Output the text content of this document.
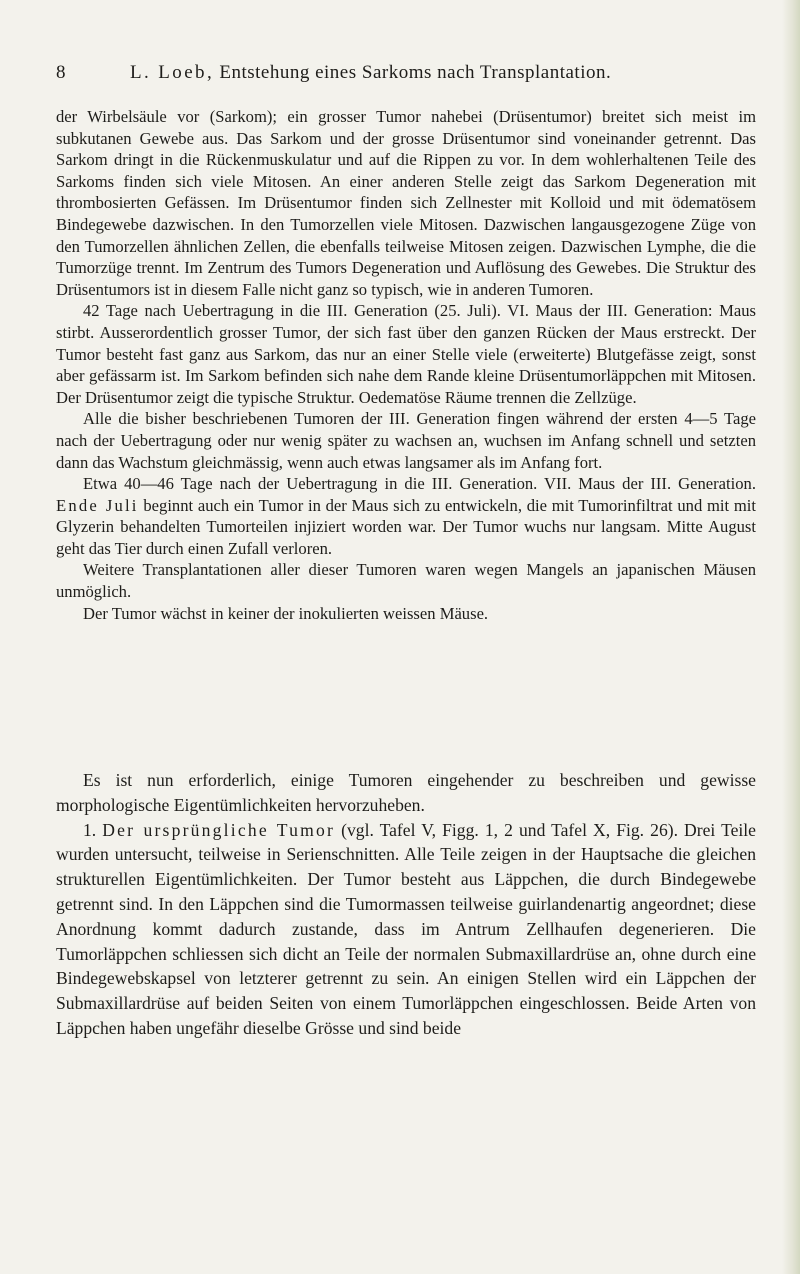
8	L. Loeb, Entstehung eines Sarkoms nach Transplantation.

der Wirbelsäule vor (Sarkom); ein grosser Tumor nahebei (Drüsentumor) breitet sich meist im subkutanen Gewebe aus. Das Sarkom und der grosse Drüsentumor sind voneinander getrennt. Das Sarkom dringt in die Rückenmuskulatur und auf die Rippen zu vor. In dem wohlerhaltenen Teile des Sarkoms finden sich viele Mitosen. An einer anderen Stelle zeigt das Sarkom Degeneration mit thrombosierten Gefässen. Im Drüsentumor finden sich Zellnester mit Kolloid und mit ödematösem Bindegewebe dazwischen. In den Tumorzellen viele Mitosen. Dazwischen langausgezogene Züge von den Tumorzellen ähnlichen Zellen, die ebenfalls teilweise Mitosen zeigen. Dazwischen Lymphe, die die Tumorzüge trennt. Im Zentrum des Tumors Degeneration und Auflösung des Gewebes. Die Struktur des Drüsentumors ist in diesem Falle nicht ganz so typisch, wie in anderen Tumoren.

42 Tage nach Uebertragung in die III. Generation (25. Juli). VI. Maus der III. Generation: Maus stirbt. Ausserordentlich grosser Tumor, der sich fast über den ganzen Rücken der Maus erstreckt. Der Tumor besteht fast ganz aus Sarkom, das nur an einer Stelle viele (erweiterte) Blutgefässe zeigt, sonst aber gefässarm ist. Im Sarkom befinden sich nahe dem Rande kleine Drüsentumorläppchen mit Mitosen. Der Drüsentumor zeigt die typische Struktur. Oedematöse Räume trennen die Zellzüge.

Alle die bisher beschriebenen Tumoren der III. Generation fingen während der ersten 4—5 Tage nach der Uebertragung oder nur wenig später zu wachsen an, wuchsen im Anfang schnell und setzten dann das Wachstum gleichmässig, wenn auch etwas langsamer als im Anfang fort.

Etwa 40—46 Tage nach der Uebertragung in die III. Generation. VII. Maus der III. Generation. Ende Juli beginnt auch ein Tumor in der Maus sich zu entwickeln, die mit Tumorinfiltrat und mit mit Glyzerin behandelten Tumorteilen injiziert worden war. Der Tumor wuchs nur langsam. Mitte August geht das Tier durch einen Zufall verloren.

Weitere Transplantationen aller dieser Tumoren waren wegen Mangels an japanischen Mäusen unmöglich.

Der Tumor wächst in keiner der inokulierten weissen Mäuse.

Es ist nun erforderlich, einige Tumoren eingehender zu beschreiben und gewisse morphologische Eigentümlichkeiten hervorzuheben.

1. Der ursprüngliche Tumor (vgl. Tafel V, Figg. 1, 2 und Tafel X, Fig. 26). Drei Teile wurden untersucht, teilweise in Serienschnitten. Alle Teile zeigen in der Hauptsache die gleichen strukturellen Eigentümlichkeiten. Der Tumor besteht aus Läppchen, die durch Bindegewebe getrennt sind. In den Läppchen sind die Tumormassen teilweise guirlandenartig angeordnet; diese Anordnung kommt dadurch zustande, dass im Antrum Zellhaufen degenerieren. Die Tumorläppchen schliessen sich dicht an Teile der normalen Submaxillardrüse an, ohne durch eine Bindegewebskapsel von letzterer getrennt zu sein. An einigen Stellen wird ein Läppchen der Submaxillardrüse auf beiden Seiten von einem Tumorläppchen eingeschlossen. Beide Arten von Läppchen haben ungefähr dieselbe Grösse und sind beide
